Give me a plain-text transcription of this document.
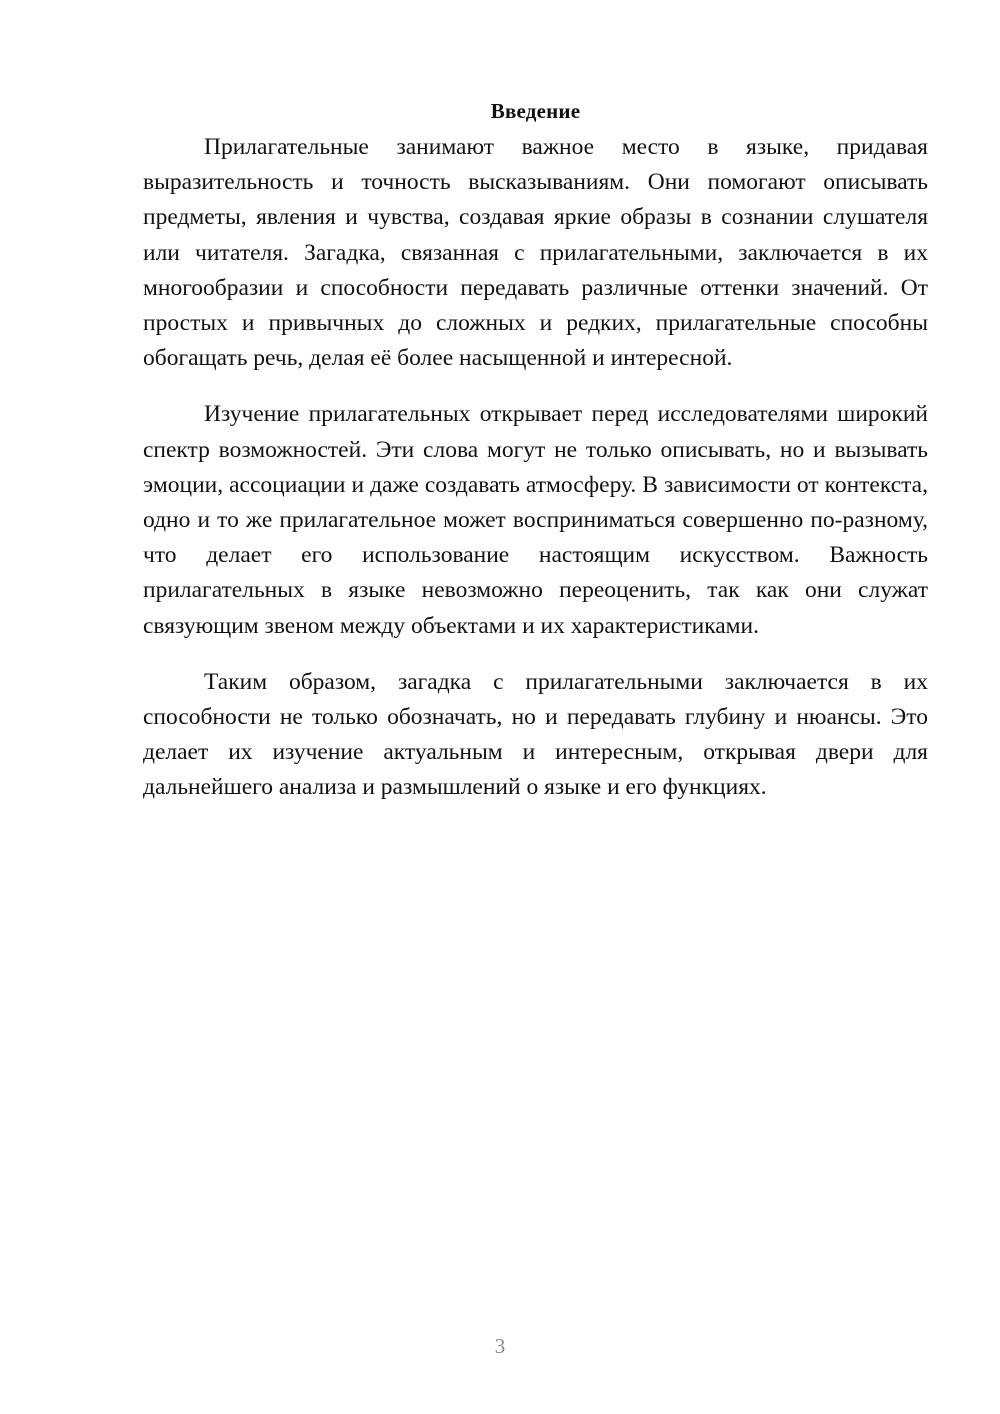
Введение

Прилагательные занимают важное место в языке, придавая выразительность и точность высказываниям. Они помогают описывать предметы, явления и чувства, создавая яркие образы в сознании слушателя или читателя. Загадка, связанная с прилагательными, заключается в их многообразии и способности передавать различные оттенки значений. От простых и привычных до сложных и редких, прилагательные способны обогащать речь, делая её более насыщенной и интересной.

Изучение прилагательных открывает перед исследователями широкий спектр возможностей. Эти слова могут не только описывать, но и вызывать эмоции, ассоциации и даже создавать атмосферу. В зависимости от контекста, одно и то же прилагательное может восприниматься совершенно по-разному, что делает его использование настоящим искусством. Важность прилагательных в языке невозможно переоценить, так как они служат связующим звеном между объектами и их характеристиками.

Таким образом, загадка с прилагательными заключается в их способности не только обозначать, но и передавать глубину и нюансы. Это делает их изучение актуальным и интересным, открывая двери для дальнейшего анализа и размышлений о языке и его функциях.

3
